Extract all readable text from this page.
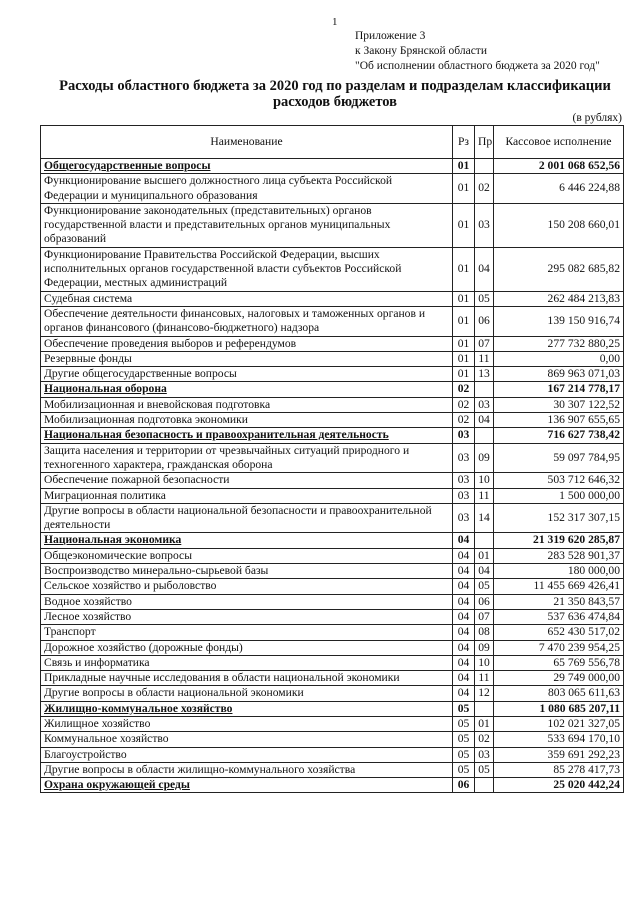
1
Приложение 3
к Закону Брянской области
"Об исполнении областного бюджета за 2020 год"
Расходы областного бюджета за 2020 год по разделам и подразделам классификации расходов бюджетов
(в рублях)
Наименование	Рз	Пр	Кассовое исполнение
Общегосударственные вопросы	01		2 001 068 652,56
Функционирование высшего должностного лица субъекта Российской Федерации и муниципального образования	01	02	6 446 224,88
Функционирование законодательных (представительных) органов государственной власти и представительных органов муниципальных образований	01	03	150 208 660,01
Функционирование Правительства Российской Федерации, высших исполнительных органов государственной власти субъектов Российской Федерации, местных администраций	01	04	295 082 685,82
Судебная система	01	05	262 484 213,83
Обеспечение деятельности финансовых, налоговых и таможенных органов и органов финансового (финансово-бюджетного) надзора	01	06	139 150 916,74
Обеспечение проведения выборов и референдумов	01	07	277 732 880,25
Резервные фонды	01	11	0,00
Другие общегосударственные вопросы	01	13	869 963 071,03
Национальная оборона	02		167 214 778,17
Мобилизационная и вневойсковая подготовка	02	03	30 307 122,52
Мобилизационная подготовка экономики	02	04	136 907 655,65
Национальная безопасность и правоохранительная деятельность	03		716 627 738,42
Защита населения и территории от чрезвычайных ситуаций природного и техногенного характера, гражданская оборона	03	09	59 097 784,95
Обеспечение пожарной безопасности	03	10	503 712 646,32
Миграционная политика	03	11	1 500 000,00
Другие вопросы в области национальной безопасности и правоохранительной деятельности	03	14	152 317 307,15
Национальная экономика	04		21 319 620 285,87
Общеэкономические вопросы	04	01	283 528 901,37
Воспроизводство минерально-сырьевой базы	04	04	180 000,00
Сельское хозяйство и рыболовство	04	05	11 455 669 426,41
Водное хозяйство	04	06	21 350 843,57
Лесное хозяйство	04	07	537 636 474,84
Транспорт	04	08	652 430 517,02
Дорожное хозяйство (дорожные фонды)	04	09	7 470 239 954,25
Связь и информатика	04	10	65 769 556,78
Прикладные научные исследования в области национальной экономики	04	11	29 749 000,00
Другие вопросы в области национальной экономики	04	12	803 065 611,63
Жилищно-коммунальное хозяйство	05		1 080 685 207,11
Жилищное хозяйство	05	01	102 021 327,05
Коммунальное хозяйство	05	02	533 694 170,10
Благоустройство	05	03	359 691 292,23
Другие вопросы в области жилищно-коммунального хозяйства	05	05	85 278 417,73
Охрана окружающей среды	06		25 020 442,24
